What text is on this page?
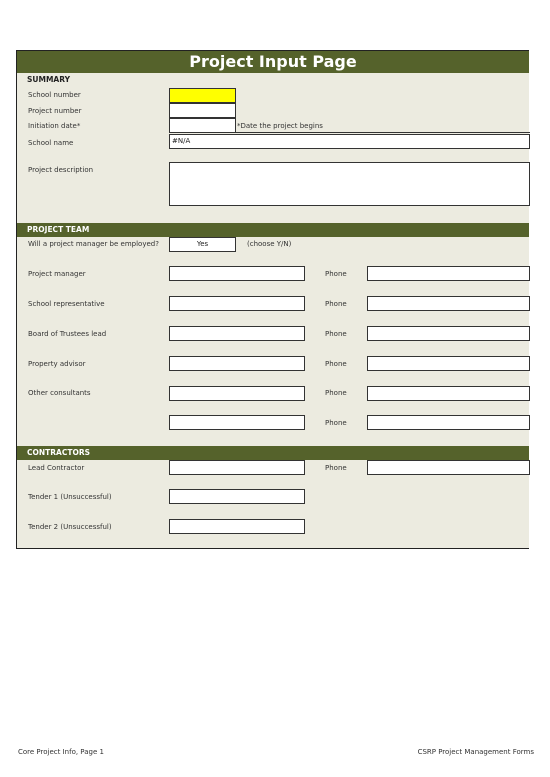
Project Input Page
SUMMARY
School number
Project number
Initiation date*	*Date the project begins
School name	#N/A
Project description
PROJECT TEAM
Will a project manager be employed?	Yes	(choose Y/N)
Project manager	Phone
School representative	Phone
Board of Trustees lead	Phone
Property advisor	Phone
Other consultants	Phone
Phone
CONTRACTORS
Lead Contractor	Phone
Tender 1 (Unsuccessful)
Tender 2 (Unsuccessful)
Core Project Info, Page 1	CSRP Project Management Forms
